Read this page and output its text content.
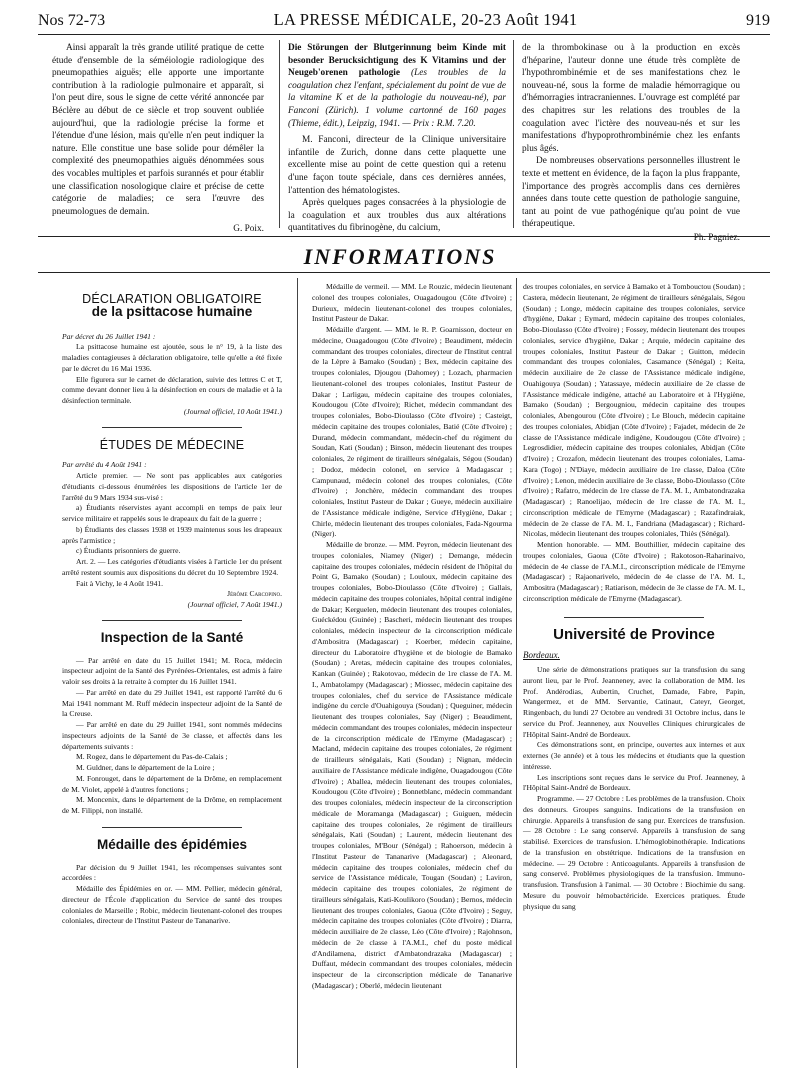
Nos 72-73	LA PRESSE MÉDICALE, 20-23 Août 1941	919

Ainsi apparaît la très grande utilité pratique de cette étude d'ensemble de la séméiologie radiologique des pneumopathies aiguës; elle apporte une importante contribution à la radiologie pulmonaire et apparaît, si l'on peut dire, sous le signe de cette vérité annoncée par Béclère au début de ce siècle et trop souvent oubliée aujourd'hui, que la radiologie précise la forme et l'étendue d'une lésion, mais qu'elle n'en peut indiquer la nature. Elle constitue une base solide pour démêler la complexité des pneumopathies aiguës dénommées sous des vocables multiples et parfois surannés et pour établir une classification nosologique claire et précise de cette catégorie de maladies; ce sera l'œuvre des pneumologues de demain.

G. Poix.

Die Störungen der Blutgerinnung beim Kinde mit besonder Berucksichtigung des K Vitamins und der Neugeb'orenen pathologie (Les troubles de la coagulation chez l'enfant, spécialement du point de vue de la vitamine K et de la pathologie du nouveau-né), par Fanconi (Zürich). 1 volume cartonné de 160 pages (Thieme, édit.), Leipzig, 1941. — Prix : R.M. 7.20.

M. Fanconi, directeur de la Clinique universitaire infantile de Zurich, donne dans cette plaquette une excellente mise au point de cette question qui a retenu d'une façon toute spéciale, dans ces dernières années, l'attention des hématologistes.

Après quelques pages consacrées à la physiologie de la coagulation et aux troubles dus aux altérations quantitatives du fibrinogène, du calcium,

de la thrombokinase ou à la production en excès d'héparine, l'auteur donne une étude très complète de l'hypothrombinémie et de ses manifestations chez le nouveau-né, sous la forme de maladie hémorragique ou d'hémorragies intracraniennes. L'ouvrage est complété par des chapitres sur les relations des troubles de la coagulation avec l'ictère des nouveau-nés et sur les manifestations d'hypoprothrombinémie chez les enfants plus âgés.

De nombreuses observations personnelles illustrent le texte et mettent en évidence, de la façon la plus frappante, l'importance des progrès accomplis dans ces dernières années dans toute cette question de pathologie sanguine, tant au point de vue pathogénique qu'au point de vue thérapeutique.

Ph. Pagniez.

INFORMATIONS

DÉCLARATION OBLIGATOIRE

de la psittacose humaine

Par décret du 26 Juillet 1941 :

La psittacose humaine est ajoutée, sous le n° 19, à la liste des maladies contagieuses à déclaration obligatoire, telle qu'elle a été fixée par le décret du 16 Mai 1936.

Elle figurera sur le carnet de déclaration, suivie des lettres C et T, comme devant donner lieu à la désinfection en cours de maladie et à la désinfection terminale.

(Journal officiel, 10 Août 1941.)

ÉTUDES DE MÉDECINE

Par arrêté du 4 Août 1941 :

Article premier. — Ne sont pas applicables aux catégories d'étudiants ci-dessous énumérées les dispositions de l'article 1er de l'arrêté du 9 Mars 1934 sus-visé :

a) Étudiants réservistes ayant accompli en temps de paix leur service militaire et rappelés sous le drapeaux du fait de la guerre ;

b) Étudiants des classes 1938 et 1939 maintenus sous les drapeaux après l'armistice ;

c) Étudiants prisonniers de guerre.

Art. 2. — Les catégories d'étudiants visées à l'article 1er du présent arrêté restent soumis aux dispositions du décret du 10 Septembre 1924.

Fait à Vichy, le 4 Août 1941.

Jérôme Carcopino.

(Journal officiel, 7 Août 1941.)

Inspection de la Santé

— Par arrêté en date du 15 Juillet 1941; M. Roca, médecin inspecteur adjoint de la Santé des Pyrénées-Orientales, est admis à faire valoir ses droits à la retraite à compter du 16 Juillet 1941.

— Par arrêté en date du 29 Juillet 1941, est rapporté l'arrêté du 6 Mai 1941 nommant M. Ruff médecin inspecteur adjoint de la Santé de la Creuse.

— Par arrêté en date du 29 Juillet 1941, sont nommés médecins inspecteurs adjoints de la Santé de 3e classe, et affectés dans les départements suivants :

M. Rogez, dans le département du Pas-de-Calais ;

M. Guldner, dans le département de la Loire ;

M. Fonrouget, dans le département de la Drôme, en remplacement de M. Violet, appelé à d'autres fonctions ;

M. Moncenix, dans le département de la Drôme, en remplacement de M. Filippi, non installé.

Médaille des épidémies

Par décision du 9 Juillet 1941, les récompenses suivantes sont accordées :

Médaille des Épidémies en or. — MM. Pellier, médecin général, directeur de l'École d'application du Service de santé des troupes coloniales de Marseille ; Robic, médecin lieutenant-colonel des troupes coloniales, directeur de l'Institut Pasteur de Tananarive.

Médaille de vermeil. — MM. Le Rouzic, médecin lieutenant colonel des troupes coloniales, Ouagadougou (Côte d'Ivoire) ; Durieux, médecin lieutenant-colonel des troupes coloniales, Institut Pasteur de Dakar.

Médaille d'argent. — MM. le R. P. Goarnisson, docteur en médecine, Ouagadougou (Côte d'Ivoire) ; Beaudiment, médecin commandant des troupes coloniales, directeur de l'Institut central de la Lèpre à Bamako (Soudan) ; Bex, médecin capitaine des troupes coloniales, Djougou (Dahomey) ; Lozach, pharmacien lieutenant-colonel des troupes coloniales, Institut Pasteur de Dakar ; Larligau, médecin capitaine des troupes coloniales, Koudougou (Côte d'Ivoire); Richet, médecin commandant des troupes coloniales, Bobo-Dioulasso (Côte d'Ivoire) ; Casteigt, médecin capitaine des troupes coloniales, Batié (Côte d'Ivoire) ; Durand, médecin commandant, médecin-chef du régiment du Soudan, Kati (Soudan) ; Binson, médecin lieutenant des troupes coloniales, 2e régiment de tirailleurs sénégalais, Ségou (Soudan) ; Dodoz, médecin colonel, en service à Madagascar ; Campunaud, médecin colonel des troupes coloniales, (Côte d'Ivoire) ; Jonchère, médecin commandant des troupes coloniales, Institut Pasteur de Dakar ; Gueye, médecin auxiliaire de l'Assistance médicale indigène, Service d'Hygiène, Dakar ; Chirle, médecin lieutenant des troupes coloniales, Fada-Ngourma (Niger).

Médaille de bronze. — MM. Peyron, médecin lieutenant des troupes coloniales, Niamey (Niger) ; Demange, médecin capitaine des troupes coloniales, médecin résident de l'hôpital du Point G, Bamako (Soudan) ; Louloux, médecin capitaine des troupes coloniales, Bobo-Dioulasso (Côte d'Ivoire) ; Gallais, médecin capitaine des troupes coloniales, hôpital central indigène de Dakar; Kerguelen, médecin lieutenant des troupes coloniales, Guéckédou (Guinée) ; Bascheri, médecin lieutenant des troupes coloniales, médecin inspecteur de la circonscription médicale d'Ambositra (Madagascar) ; Koerber, médecin capitaine, directeur du Laboratoire d'hygiène et de biologie de Bamako (Soudan) ; Aretas, médecin capitaine des troupes coloniales, Kankan (Guinée) ; Rakotovao, médecin de 1re classe de l'A. M. I., Ambatolampy (Madagascar) ; Miossec, médecin capitaine des troupes coloniales, chef du service de l'Assistance médicale indigène du cercle d'Ouahigouya (Soudan) ; Queguiner, médecin lieutenant des troupes coloniales, Say (Niger) ; Beaudiment, médecin commandant des troupes coloniales, médecin inspecteur de la circonscription médicale de l'Emyrne (Madagascar) ; Macland, médecin capitaine des troupes coloniales, 2e régiment de tirailleurs sénégalais, Kati (Soudan) ; Nignan, médecin auxiliaire de l'Assistance médicale indigène, Ouagadougou (Côte d'Ivoire) ; Aballea, médecin lieutenant des troupes coloniales, Koudougou (Côte d'Ivoire) ; Bonnetblanc, médecin commandant des troupes coloniales, médecin inspecteur de la circonscription médicale de Moramanga (Madagascar) ; Guiguen, médecin capitaine des troupes coloniales, 2e régiment de tirailleurs sénégalais, Kati (Soudan) ; Laurent, médecin lieutenant des troupes coloniales, M'Bour (Sénégal) ; Rahoerson, médecin à l'Institut Pasteur de Tananarive (Madagascar) ; Aleonard, médecin capitaine des troupes coloniales, médecin chef du service de l'Assistance médicale, Tougan (Soudan) ; Laviron, médecin capitaine des troupes coloniales, 2e régiment de tirailleurs sénégalais, Kati-Koulikoro (Soudan) ; Bernos, médecin lieutenant des troupes coloniales, Gaoua (Côte d'Ivoire) ; Seguy, médecin capitaine des troupes coloniales (Côte d'Ivoire) ; Diarra, médecin auxiliaire de 2e classe, Léo (Côte d'Ivoire) ; Rajohnson, médecin de 2e classe à l'A.M.I., chef du poste médical d'Andilamena, district d'Ambatondrazaka (Madagascar) ; Duffaut, médecin commandant des troupes coloniales, médecin inspecteur de la circonscription médicale de Tananarive (Madagascar) ; Oberlé, médecin lieutenant

des troupes coloniales, en service à Bamako et à Tombouctou (Soudan) ; Castera, médecin lieutenant, 2e régiment de tirailleurs sénégalais, Ségou (Soudan) ; Longe, médecin capitaine des troupes coloniales, service d'hygiène, Dakar ; Eymard, médecin capitaine des troupes coloniales, Bobo-Dioulasso (Côte d'Ivoire) ; Fossey, médecin lieutenant des troupes coloniales, service d'hygiène, Dakar ; Arquie, médecin capitaine des troupes coloniales, Institut Pasteur de Dakar ; Guitton, médecin commandant des troupes coloniales, Casamance (Sénégal) ; Keita, médecin auxiliaire de 2e classe de l'Assistance médicale indigène, Ouahigouya (Soudan) ; Yatassaye, médecin auxiliaire de 2e classe de l'Assistance médicale indigène, attaché au Laboratoire et à l'Hygiène, Bamako (Soudan) ; Bergougniou, médecin capitaine des troupes coloniales, Abengourou (Côte d'Ivoire) ; Le Blouch, médecin capitaine des troupes coloniales, Abidjan (Côte d'Ivoire) ; Fajadet, médecin de 2e classe de l'Assistance médicale indigène, Koudougou (Côte d'Ivoire) ; Legrosdidier, médecin capitaine des troupes coloniales, Abidjan (Côte d'Ivoire) ; Crozafon, médecin lieutenant des troupes coloniales, Lama-Kara (Togo) ; N'Diaye, médecin auxiliaire de 1re classe, Daloa (Côte d'Ivoire) ; Lenon, médecin auxiliaire de 3e classe, Bobo-Dioulasso (Côte d'Ivoire) ; Rafatro, médecin de 1re classe de l'A. M. I., Ambatondrazaka (Madagascar) ; Ranoelijao, médecin de 1re classe de l'A. M. I., circonscription médicale de l'Emyrne (Madagascar) ; Razafindraiak, médecin de 2e classe de l'A. M. I., Fandriana (Madagascar) ; Richard-Nicolas, médecin lieutenant des troupes coloniales, Thiès (Sénégal).

Mention honorable. — MM. Bouthillier, médecin capitaine des troupes coloniales, Gaoua (Côte d'Ivoire) ; Rakotoson-Raharinaivo, médecin de 4e classe de l'A.M.I., circonscription médicale de l'Emyrne (Madagascar) ; Rajaonarivelo, médecin de 4e classe de l'A. M. I., Ambositra (Madagascar) ; Ratiarison, médecin de 3e classe de l'A. M. I., circonscription médicale de l'Emyrne (Madagascar).

Université de Province

Bordeaux.

Une série de démonstrations pratiques sur la transfusion du sang auront lieu, par le Prof. Jeanneney, avec la collaboration de MM. les Prof. Andérodias, Aubertin, Cruchet, Damade, Fabre, Papin, Wangermez, et de MM. Servantie, Catinaut, Cateyr, Georget, Ringenbach, du lundi 27 Octobre au vendredi 31 Octobre inclus, dans le service du Prof. Jeanneney, aux Nouvelles Cliniques chirurgicales de l'Hôpital Saint-André de Bordeaux.

Ces démonstrations sont, en principe, ouvertes aux internes et aux externes (3e année) et à tous les médecins et étudiants que la question intéresse.

Les inscriptions sont reçues dans le service du Prof. Jeanneney, à l'Hôpital Saint-André de Bordeaux.

Programme. — 27 Octobre : Les problèmes de la transfusion. Choix des donneurs. Groupes sanguins. Indications de la transfusion en chirurgie. Appareils à transfusion de sang pur. Exercices de transfusion. — 28 Octobre : Le sang conservé. Appareils à transfusion de sang stabilisé. Exercices de transfusion. L'hémoglobinothérapie. Indications de la transfusion en obstétrique. Indications de la transfusion en médecine. — 29 Octobre : Anticoagulants. Appareils à transfusion de sang conservé. Problèmes physiologiques de la transfusion. Immuno-transfusion. Transfusion à l'animal. — 30 Octobre : Biochimie du sang. Mesure du pouvoir hémobactéricide. Exercices pratiques. Étude physique du sang
